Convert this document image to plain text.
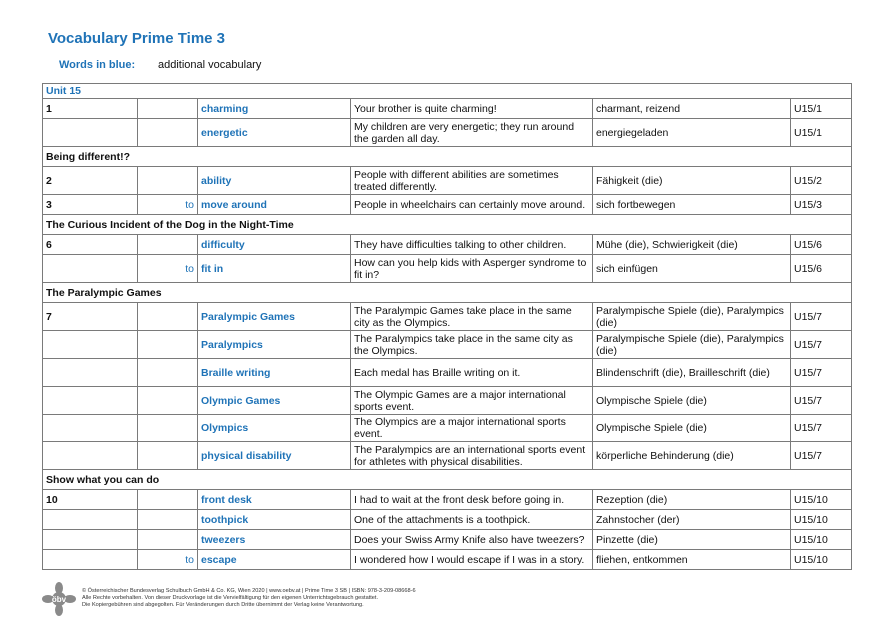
Vocabulary Prime Time 3
Words in blue: additional vocabulary
Unit 15					
1		charming	Your brother is quite charming!	charmant, reizend	U15/1
		energetic	My children are very energetic; they run around the garden all day.	energiegeladen	U15/1
Being different!?					
2		ability	People with different abilities are sometimes treated differently.	Fähigkeit (die)	U15/2
3	to	move around	People in wheelchairs can certainly move around.	sich fortbewegen	U15/3
The Curious Incident of the Dog in the Night-Time					
6		difficulty	They have difficulties talking to other children.	Mühe (die), Schwierigkeit (die)	U15/6
	to	fit in	How can you help kids with Asperger syndrome to fit in?	sich einfügen	U15/6
The Paralympic Games					
7		Paralympic Games	The Paralympic Games take place in the same city as the Olympics.	Paralympische Spiele (die), Paralympics (die)	U15/7
		Paralympics	The Paralympics take place in the same city as the Olympics.	Paralympische Spiele (die), Paralympics (die)	U15/7
		Braille writing	Each medal has Braille writing on it.	Blindenschrift (die), Brailleschrift (die)	U15/7
		Olympic Games	The Olympic Games are a major international sports event.	Olympische Spiele (die)	U15/7
		Olympics	The Olympics are a major international sports event.	Olympische Spiele (die)	U15/7
		physical disability	The Paralympics are an international sports event for athletes with physical disabilities.	körperliche Behinderung (die)	U15/7
Show what you can do					
10		front desk	I had to wait at the front desk before going in.	Rezeption (die)	U15/10
		toothpick	One of the attachments is a toothpick.	Zahnstocher (der)	U15/10
		tweezers	Does your Swiss Army Knife also have tweezers?	Pinzette (die)	U15/10
	to	escape	I wondered how I would escape if I was in a story.	fliehen, entkommen	U15/10
öbv
© Österreichischer Bundesverlag Schulbuch GmbH & Co. KG, Wien 2020 | www.oebv.at | Prime Time 3 SB | ISBN: 978-3-209-08668-6
Alle Rechte vorbehalten. Von dieser Druckvorlage ist die Vervielfältigung für den eigenen Unterrichtsgebrauch gestattet.
Die Kopiergebühren sind abgegolten. Für Veränderungen durch Dritte übernimmt der Verlag keine Verantwortung.
